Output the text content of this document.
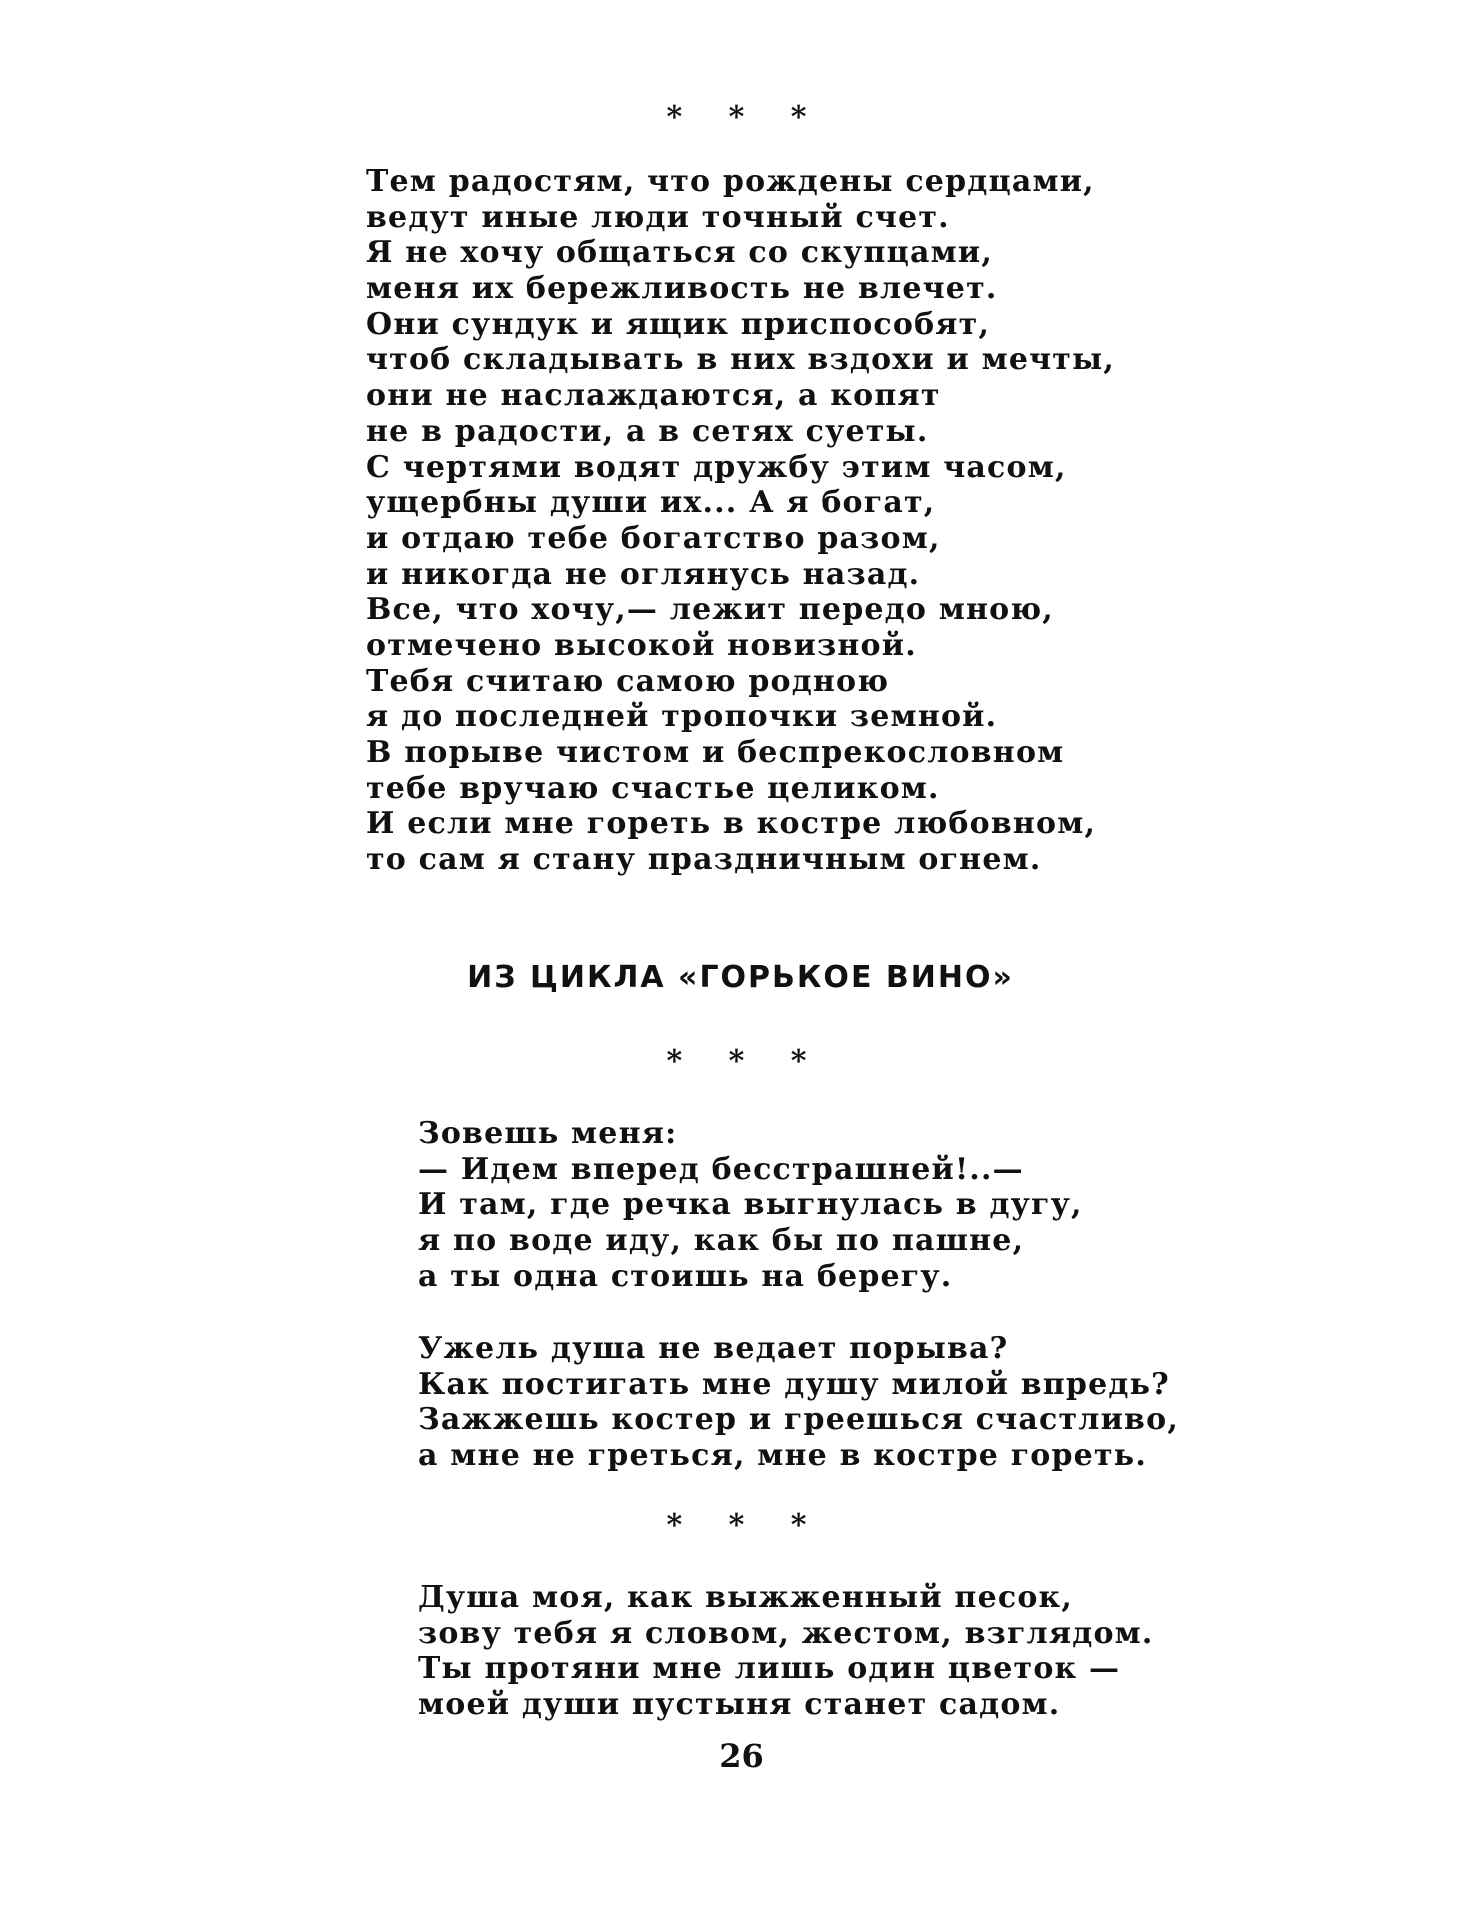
* * *
Тем радостям, что рождены сердцами,
ведут иные люди точный счет.
Я не хочу общаться со скупцами,
меня их бережливость не влечет.
Они сундук и ящик приспособят,
чтоб складывать в них вздохи и мечты,
они не наслаждаются, а копят
не в радости, а в сетях суеты.
С чертями водят дружбу этим часом,
ущербны души их... А я богат,
и отдаю тебе богатство разом,
и никогда не оглянусь назад.
Все, что хочу,— лежит передо мною,
отмечено высокой новизной.
Тебя считаю самою родною
я до последней тропочки земной.
В порыве чистом и беспрекословном
тебе вручаю счастье целиком.
И если мне гореть в костре любовном,
то сам я стану праздничным огнем.
ИЗ ЦИКЛА «ГОРЬКОЕ ВИНО»
* * *
Зовешь меня:
— Идем вперед бесстрашней!..—
И там, где речка выгнулась в дугу,
я по воде иду, как бы по пашне,
а ты одна стоишь на берегу.
Ужель душа не ведает порыва?
Как постигать мне душу милой впредь?
Зажжешь костер и греешься счастливо,
а мне не греться, мне в костре гореть.
* * *
Душа моя, как выжженный песок,
зову тебя я словом, жестом, взглядом.
Ты протяни мне лишь один цветок —
моей души пустыня станет садом.
26
